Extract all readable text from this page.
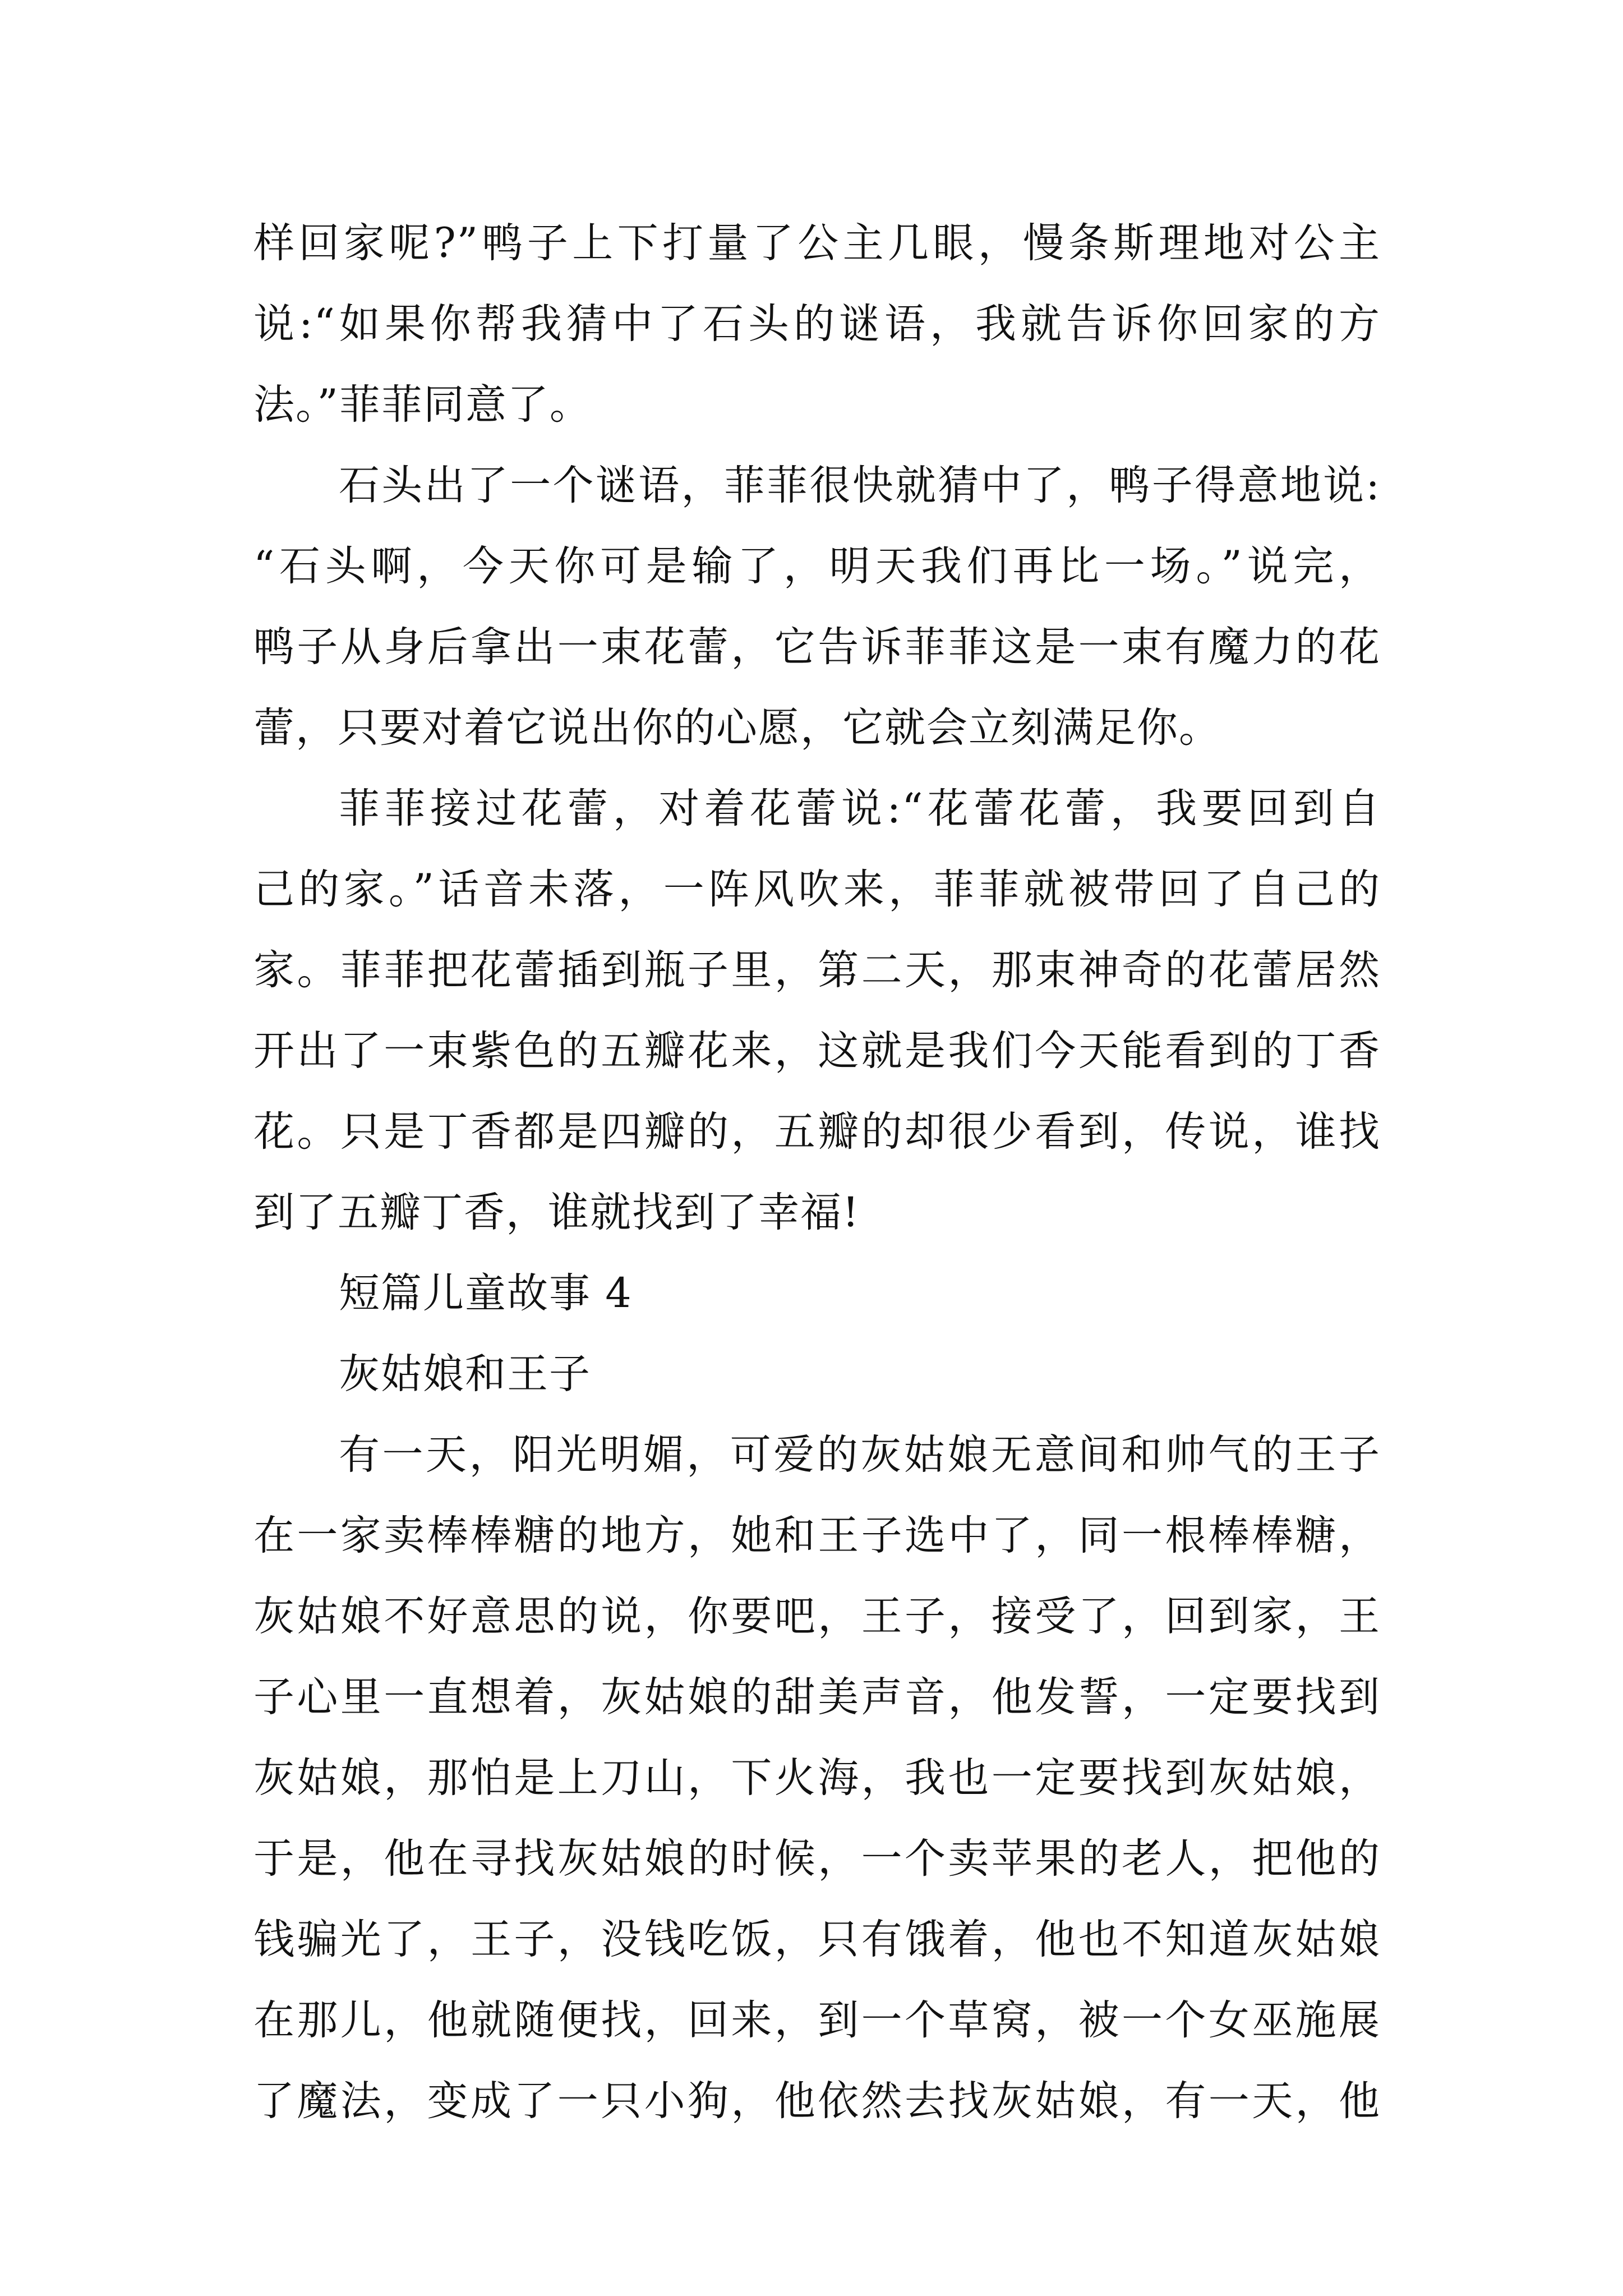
样回家呢?”鸭子上下打量了公主几眼，慢条斯理地对公主
说:“如果你帮我猜中了石头的谜语，我就告诉你回家的方
法。”菲菲同意了。
石头出了一个谜语，菲菲很快就猜中了，鸭子得意地说:
“石头啊，今天你可是输了，明天我们再比一场。”说完，
鸭子从身后拿出一束花蕾，它告诉菲菲这是一束有魔力的花
蕾，只要对着它说出你的心愿，它就会立刻满足你。
菲菲接过花蕾，对着花蕾说:“花蕾花蕾，我要回到自
己的家。”话音未落，一阵风吹来，菲菲就被带回了自己的
家。菲菲把花蕾插到瓶子里，第二天，那束神奇的花蕾居然
开出了一束紫色的五瓣花来，这就是我们今天能看到的丁香
花。只是丁香都是四瓣的，五瓣的却很少看到，传说，谁找
到了五瓣丁香，谁就找到了幸福!
短篇儿童故事 4
灰姑娘和王子
有一天，阳光明媚，可爱的灰姑娘无意间和帅气的王子
在一家卖棒棒糖的地方，她和王子选中了，同一根棒棒糖，
灰姑娘不好意思的说，你要吧，王子，接受了，回到家，王
子心里一直想着，灰姑娘的甜美声音，他发誓，一定要找到
灰姑娘，那怕是上刀山，下火海，我也一定要找到灰姑娘，
于是，他在寻找灰姑娘的时候，一个卖苹果的老人，把他的
钱骗光了，王子，没钱吃饭，只有饿着，他也不知道灰姑娘
在那儿，他就随便找，回来，到一个草窝，被一个女巫施展
了魔法，变成了一只小狗，他依然去找灰姑娘，有一天，他
